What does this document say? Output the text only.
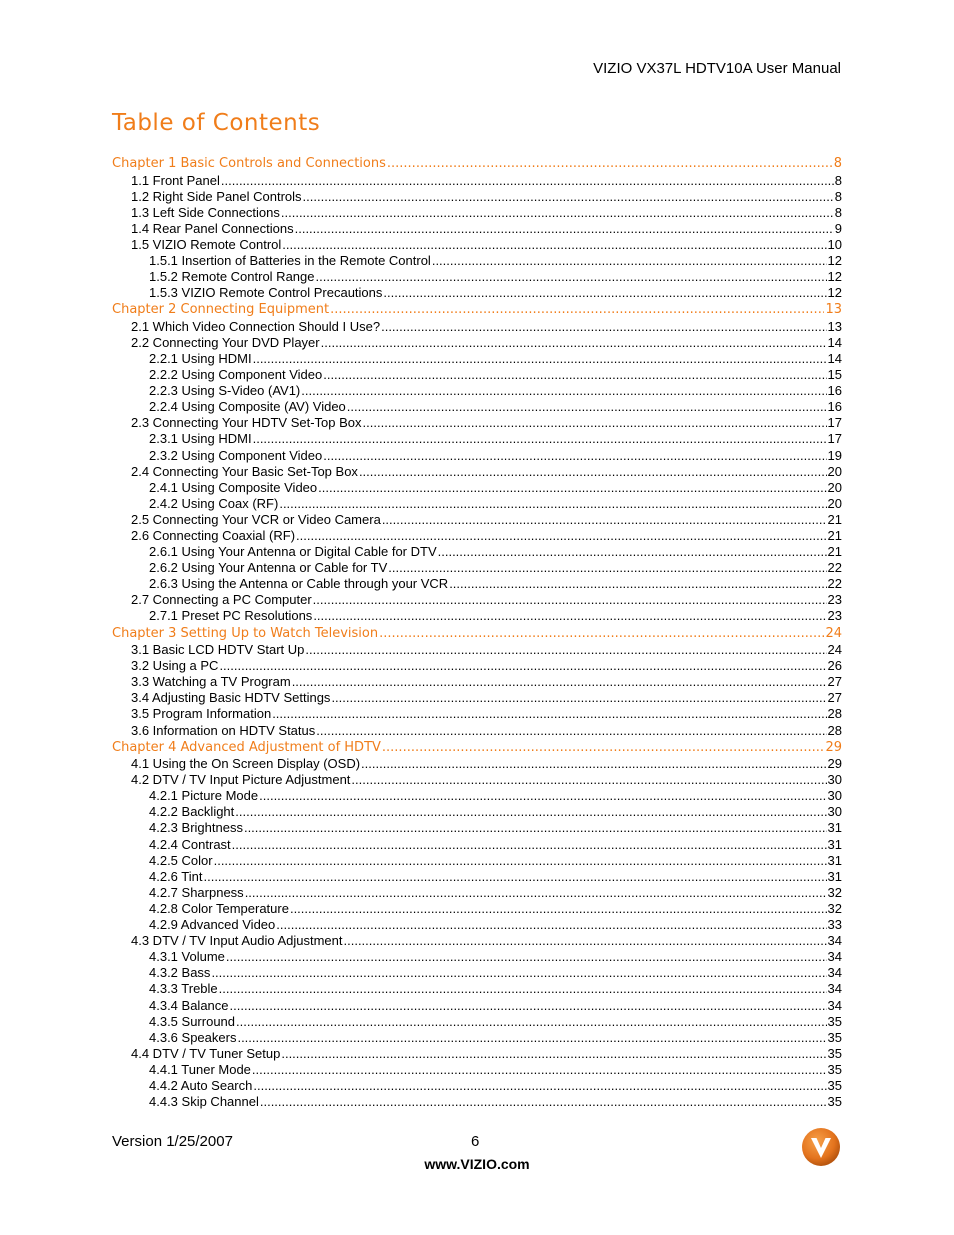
VIZIO VX37L HDTV10A User Manual
Table of Contents
Chapter 1 Basic Controls and Connections .....	8
1.1 Front Panel .....	8
1.2 Right Side Panel Controls .....	8
1.3 Left Side Connections .....	8
1.4 Rear Panel Connections .....	9
1.5 VIZIO Remote Control .....	10
1.5.1 Insertion of Batteries in the Remote Control .....	12
1.5.2 Remote Control Range .....	12
1.5.3 VIZIO Remote Control Precautions .....	12
Chapter 2 Connecting Equipment .....	13
2.1 Which Video Connection Should I Use? .....	13
2.2 Connecting Your DVD Player .....	14
2.2.1 Using HDMI .....	14
2.2.2 Using Component Video .....	15
2.2.3 Using S-Video (AV1) .....	16
2.2.4 Using Composite (AV) Video .....	16
2.3 Connecting Your HDTV Set-Top Box .....	17
2.3.1 Using HDMI .....	17
2.3.2 Using Component Video .....	19
2.4 Connecting Your Basic Set-Top Box .....	20
2.4.1 Using Composite Video .....	20
2.4.2 Using Coax (RF) .....	20
2.5 Connecting Your VCR or Video Camera .....	21
2.6 Connecting Coaxial (RF) .....	21
2.6.1 Using Your Antenna or Digital Cable for DTV .....	21
2.6.2 Using Your Antenna or Cable for TV .....	22
2.6.3 Using the Antenna or Cable through your VCR .....	22
2.7 Connecting a PC Computer .....	23
2.7.1 Preset PC Resolutions .....	23
Chapter 3 Setting Up to Watch Television .....	24
3.1 Basic LCD HDTV Start Up .....	24
3.2 Using a PC .....	26
3.3 Watching a TV Program .....	27
3.4 Adjusting Basic HDTV Settings .....	27
3.5 Program Information .....	28
3.6 Information on HDTV Status .....	28
Chapter 4 Advanced Adjustment of HDTV .....	29
4.1 Using the On Screen Display (OSD) .....	29
4.2 DTV / TV Input Picture Adjustment .....	30
4.2.1 Picture Mode .....	30
4.2.2 Backlight .....	30
4.2.3 Brightness .....	31
4.2.4 Contrast .....	31
4.2.5 Color .....	31
4.2.6 Tint .....	31
4.2.7 Sharpness .....	32
4.2.8 Color Temperature .....	32
4.2.9 Advanced Video .....	33
4.3 DTV / TV Input Audio Adjustment .....	34
4.3.1 Volume .....	34
4.3.2 Bass .....	34
4.3.3 Treble .....	34
4.3.4 Balance .....	34
4.3.5 Surround .....	35
4.3.6 Speakers .....	35
4.4 DTV / TV Tuner Setup .....	35
4.4.1 Tuner Mode .....	35
4.4.2 Auto Search .....	35
4.4.3 Skip Channel .....	35
Version 1/25/2007	6
www.VIZIO.com
